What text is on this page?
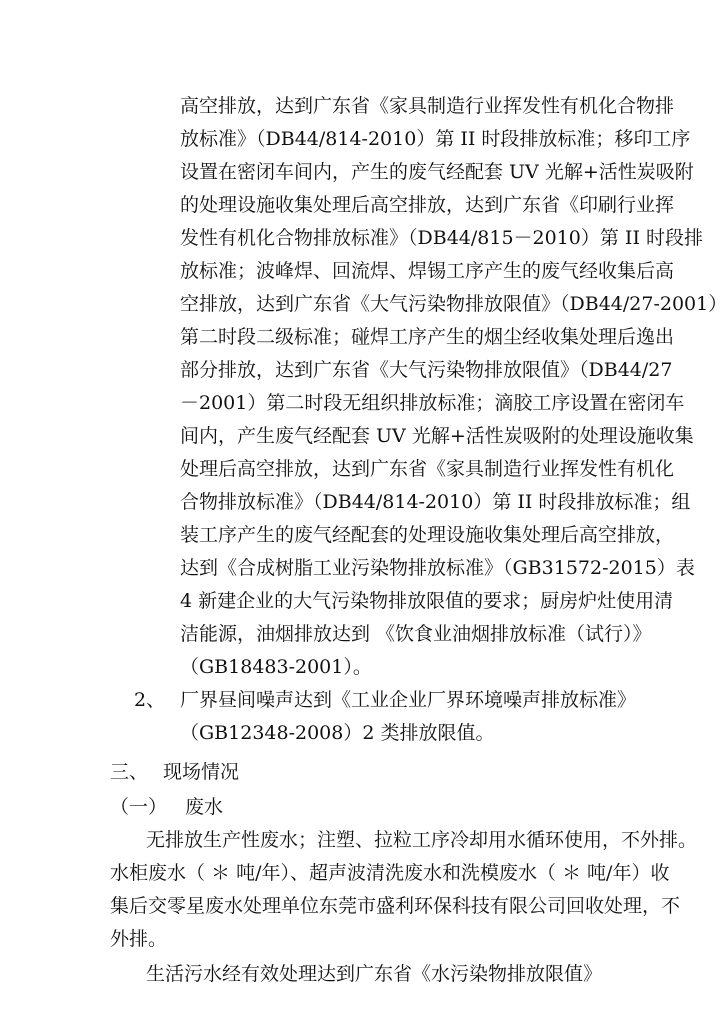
高空排放，达到广东省《家具制造行业挥发性有机化合物排
放标准》（DB44/814-2010）第 II 时段排放标准；移印工序
设置在密闭车间内，产生的废气经配套 UV 光解+活性炭吸附
的处理设施收集处理后高空排放，达到广东省《印刷行业挥
发性有机化合物排放标准》（DB44/815－2010）第 II 时段排
放标准；波峰焊、回流焊、焊锡工序产生的废气经收集后高
空排放，达到广东省《大气污染物排放限值》（DB44/27-2001）
第二时段二级标准；碰焊工序产生的烟尘经收集处理后逸出
部分排放，达到广东省《大气污染物排放限值》（DB44/27
－2001）第二时段无组织排放标准；滴胶工序设置在密闭车
间内，产生废气经配套 UV 光解+活性炭吸附的处理设施收集
处理后高空排放，达到广东省《家具制造行业挥发性有机化
合物排放标准》（DB44/814-2010）第 II 时段排放标准；组
装工序产生的废气经配套的处理设施收集处理后高空排放，
达到《合成树脂工业污染物排放标准》（GB31572-2015）表
4 新建企业的大气污染物排放限值的要求；厨房炉灶使用清
洁能源，油烟排放达到 《饮食业油烟排放标准（试行）》
（GB18483-2001）。
2、 厂界昼间噪声达到《工业企业厂界环境噪声排放标准》
（GB12348-2008）2 类排放限值。
三、 现场情况
（一） 废水
无排放生产性废水；注塑、拉粒工序冷却用水循环使用，不外排。
水柜废水（ ＊ 吨/年）、超声波清洗废水和洗模废水（ ＊ 吨/年）收
集后交零星废水处理单位东莞市盛利环保科技有限公司回收处理，不
外排。
生活污水经有效处理达到广东省《水污染物排放限值》
